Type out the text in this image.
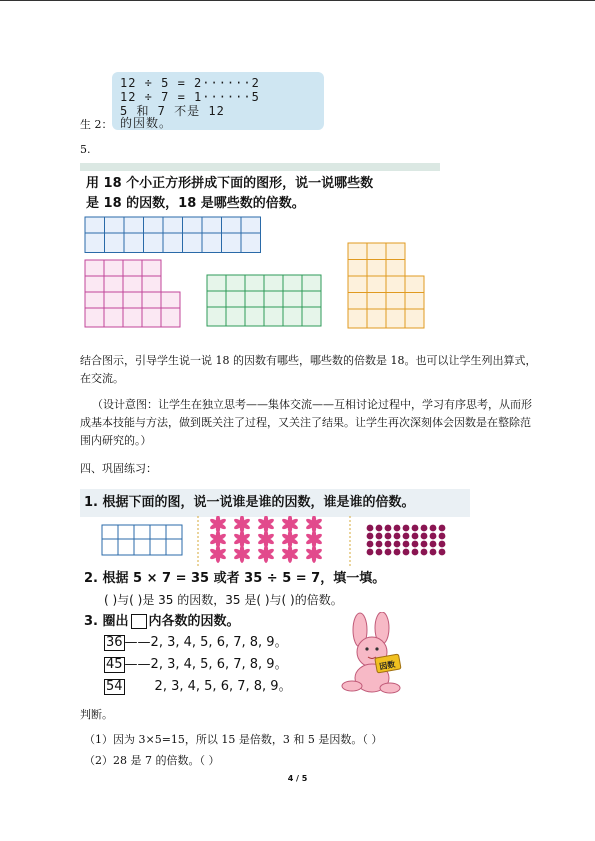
12 ÷ 5 = 2······2
12 ÷ 7 = 1······5
5 和 7 不是 12
的因数。
生 2：
5.
用 18 个小正方形拼成下面的图形，说一说哪些数
是 18 的因数，18 是哪些数的倍数。
结合图示，引导学生说一说 18 的因数有哪些，哪些数的倍数是 18。也可以让学生列出算式，在交流。
（设计意图：让学生在独立思考——集体交流——互相讨论过程中，学习有序思考，从而形成基本技能与方法，做到既关注了过程，又关注了结果。让学生再次深刻体会因数是在整除范围内研究的。）
四、巩固练习：
1. 根据下面的图，说一说谁是谁的因数，谁是谁的倍数。
2. 根据 5 × 7 = 35 或者 35 ÷ 5 = 7，填一填。
( )与( )是 35 的因数，35 是( )与( )的倍数。
3. 圈出 内各数的因数。
36 ——2, 3, 4, 5, 6, 7, 8, 9。
45 ——2, 3, 4, 5, 6, 7, 8, 9。
54 2, 3, 4, 5, 6, 7, 8, 9。
因数
判断。
（1）因为 3×5=15，所以 15 是倍数，3 和 5 是因数。（ ）
（2）28 是 7 的倍数。（ ）
4 / 5
